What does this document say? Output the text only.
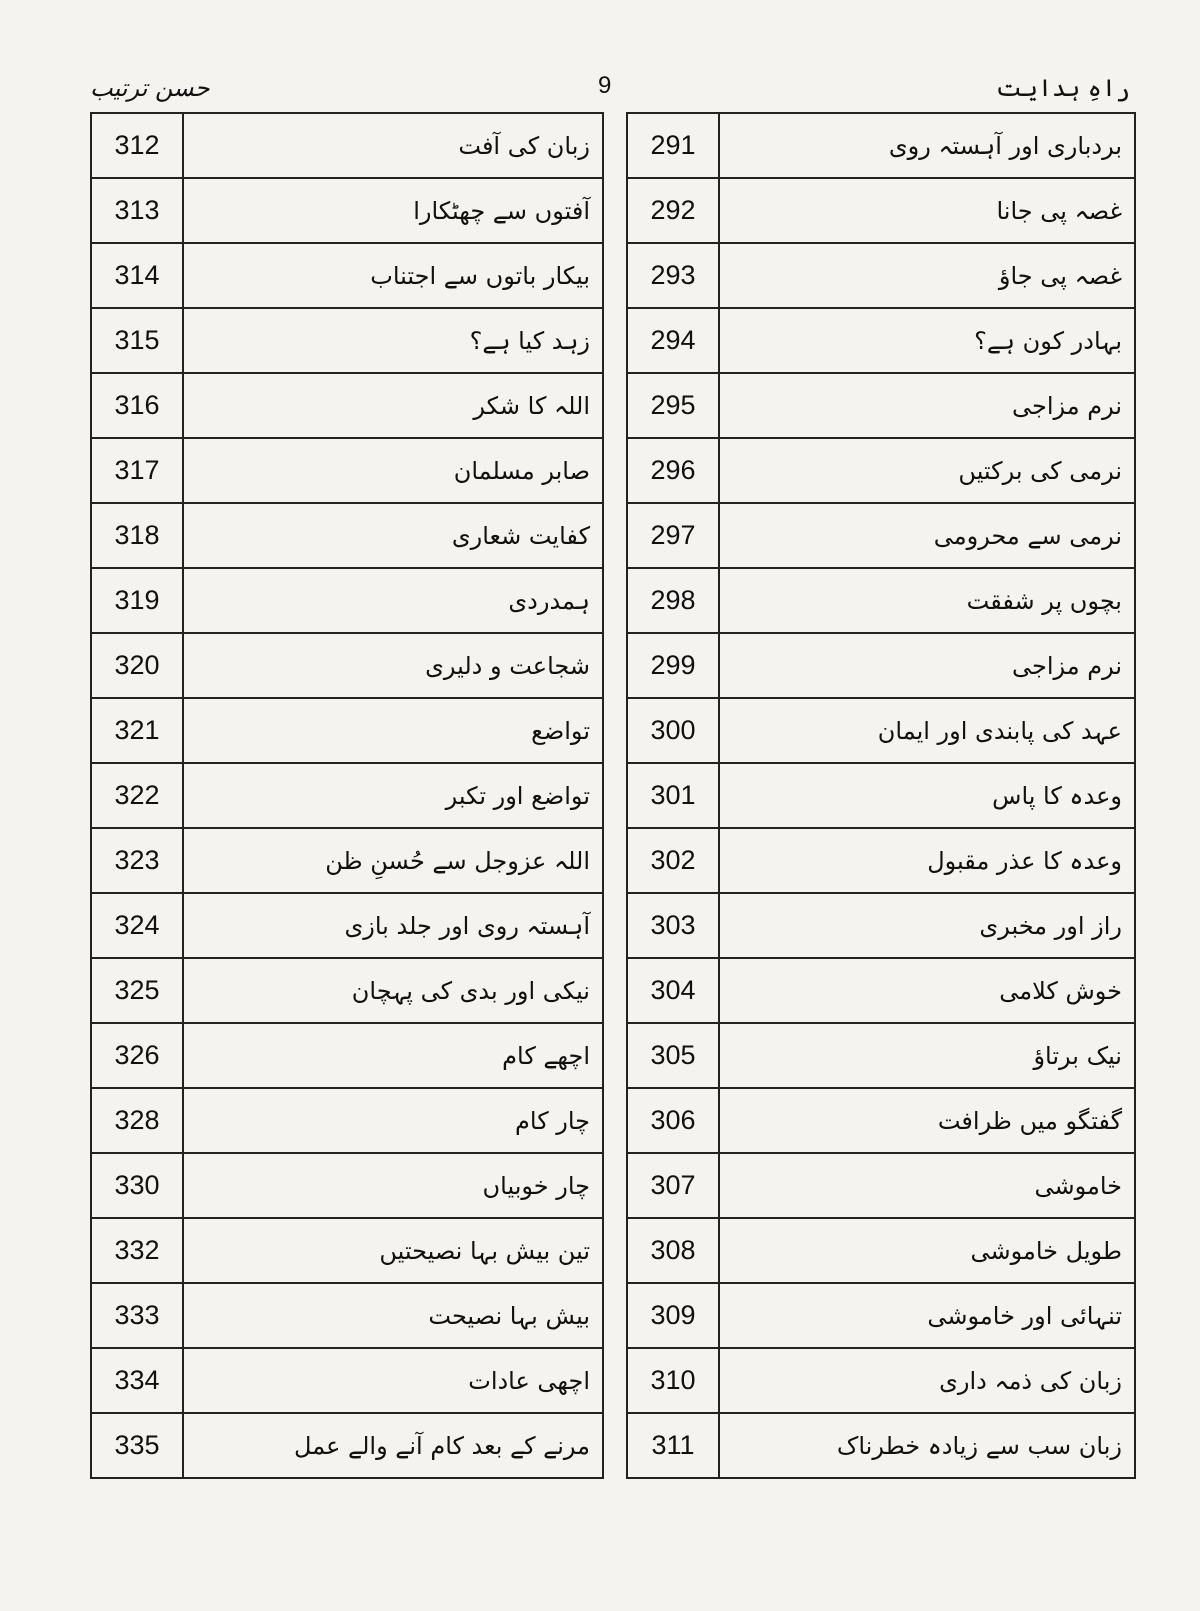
حسن ترتیب	9	راہِ ہدایت
312	زبان کی آفت
313	آفتوں سے چھٹکارا
314	بیکار باتوں سے اجتناب
315	زہد کیا ہے؟
316	اللہ کا شکر
317	صابر مسلمان
318	کفایت شعاری
319	ہمدردی
320	شجاعت و دلیری
321	تواضع
322	تواضع اور تکبر
323	اللہ عزوجل سے حُسنِ ظن
324	آہستہ روی اور جلد بازی
325	نیکی اور بدی کی پہچان
326	اچھے کام
328	چار کام
330	چار خوبیاں
332	تین بیش بہا نصیحتیں
333	بیش بہا نصیحت
334	اچھی عادات
335	مرنے کے بعد کام آنے والے عمل
291	بردباری اور آہستہ روی
292	غصہ پی جانا
293	غصہ پی جاؤ
294	بہادر کون ہے؟
295	نرم مزاجی
296	نرمی کی برکتیں
297	نرمی سے محرومی
298	بچوں پر شفقت
299	نرم مزاجی
300	عہد کی پابندی اور ایمان
301	وعدہ کا پاس
302	وعدہ کا عذر مقبول
303	راز اور مخبری
304	خوش کلامی
305	نیک برتاؤ
306	گفتگو میں ظرافت
307	خاموشی
308	طویل خاموشی
309	تنہائی اور خاموشی
310	زبان کی ذمہ داری
311	زبان سب سے زیادہ خطرناک
